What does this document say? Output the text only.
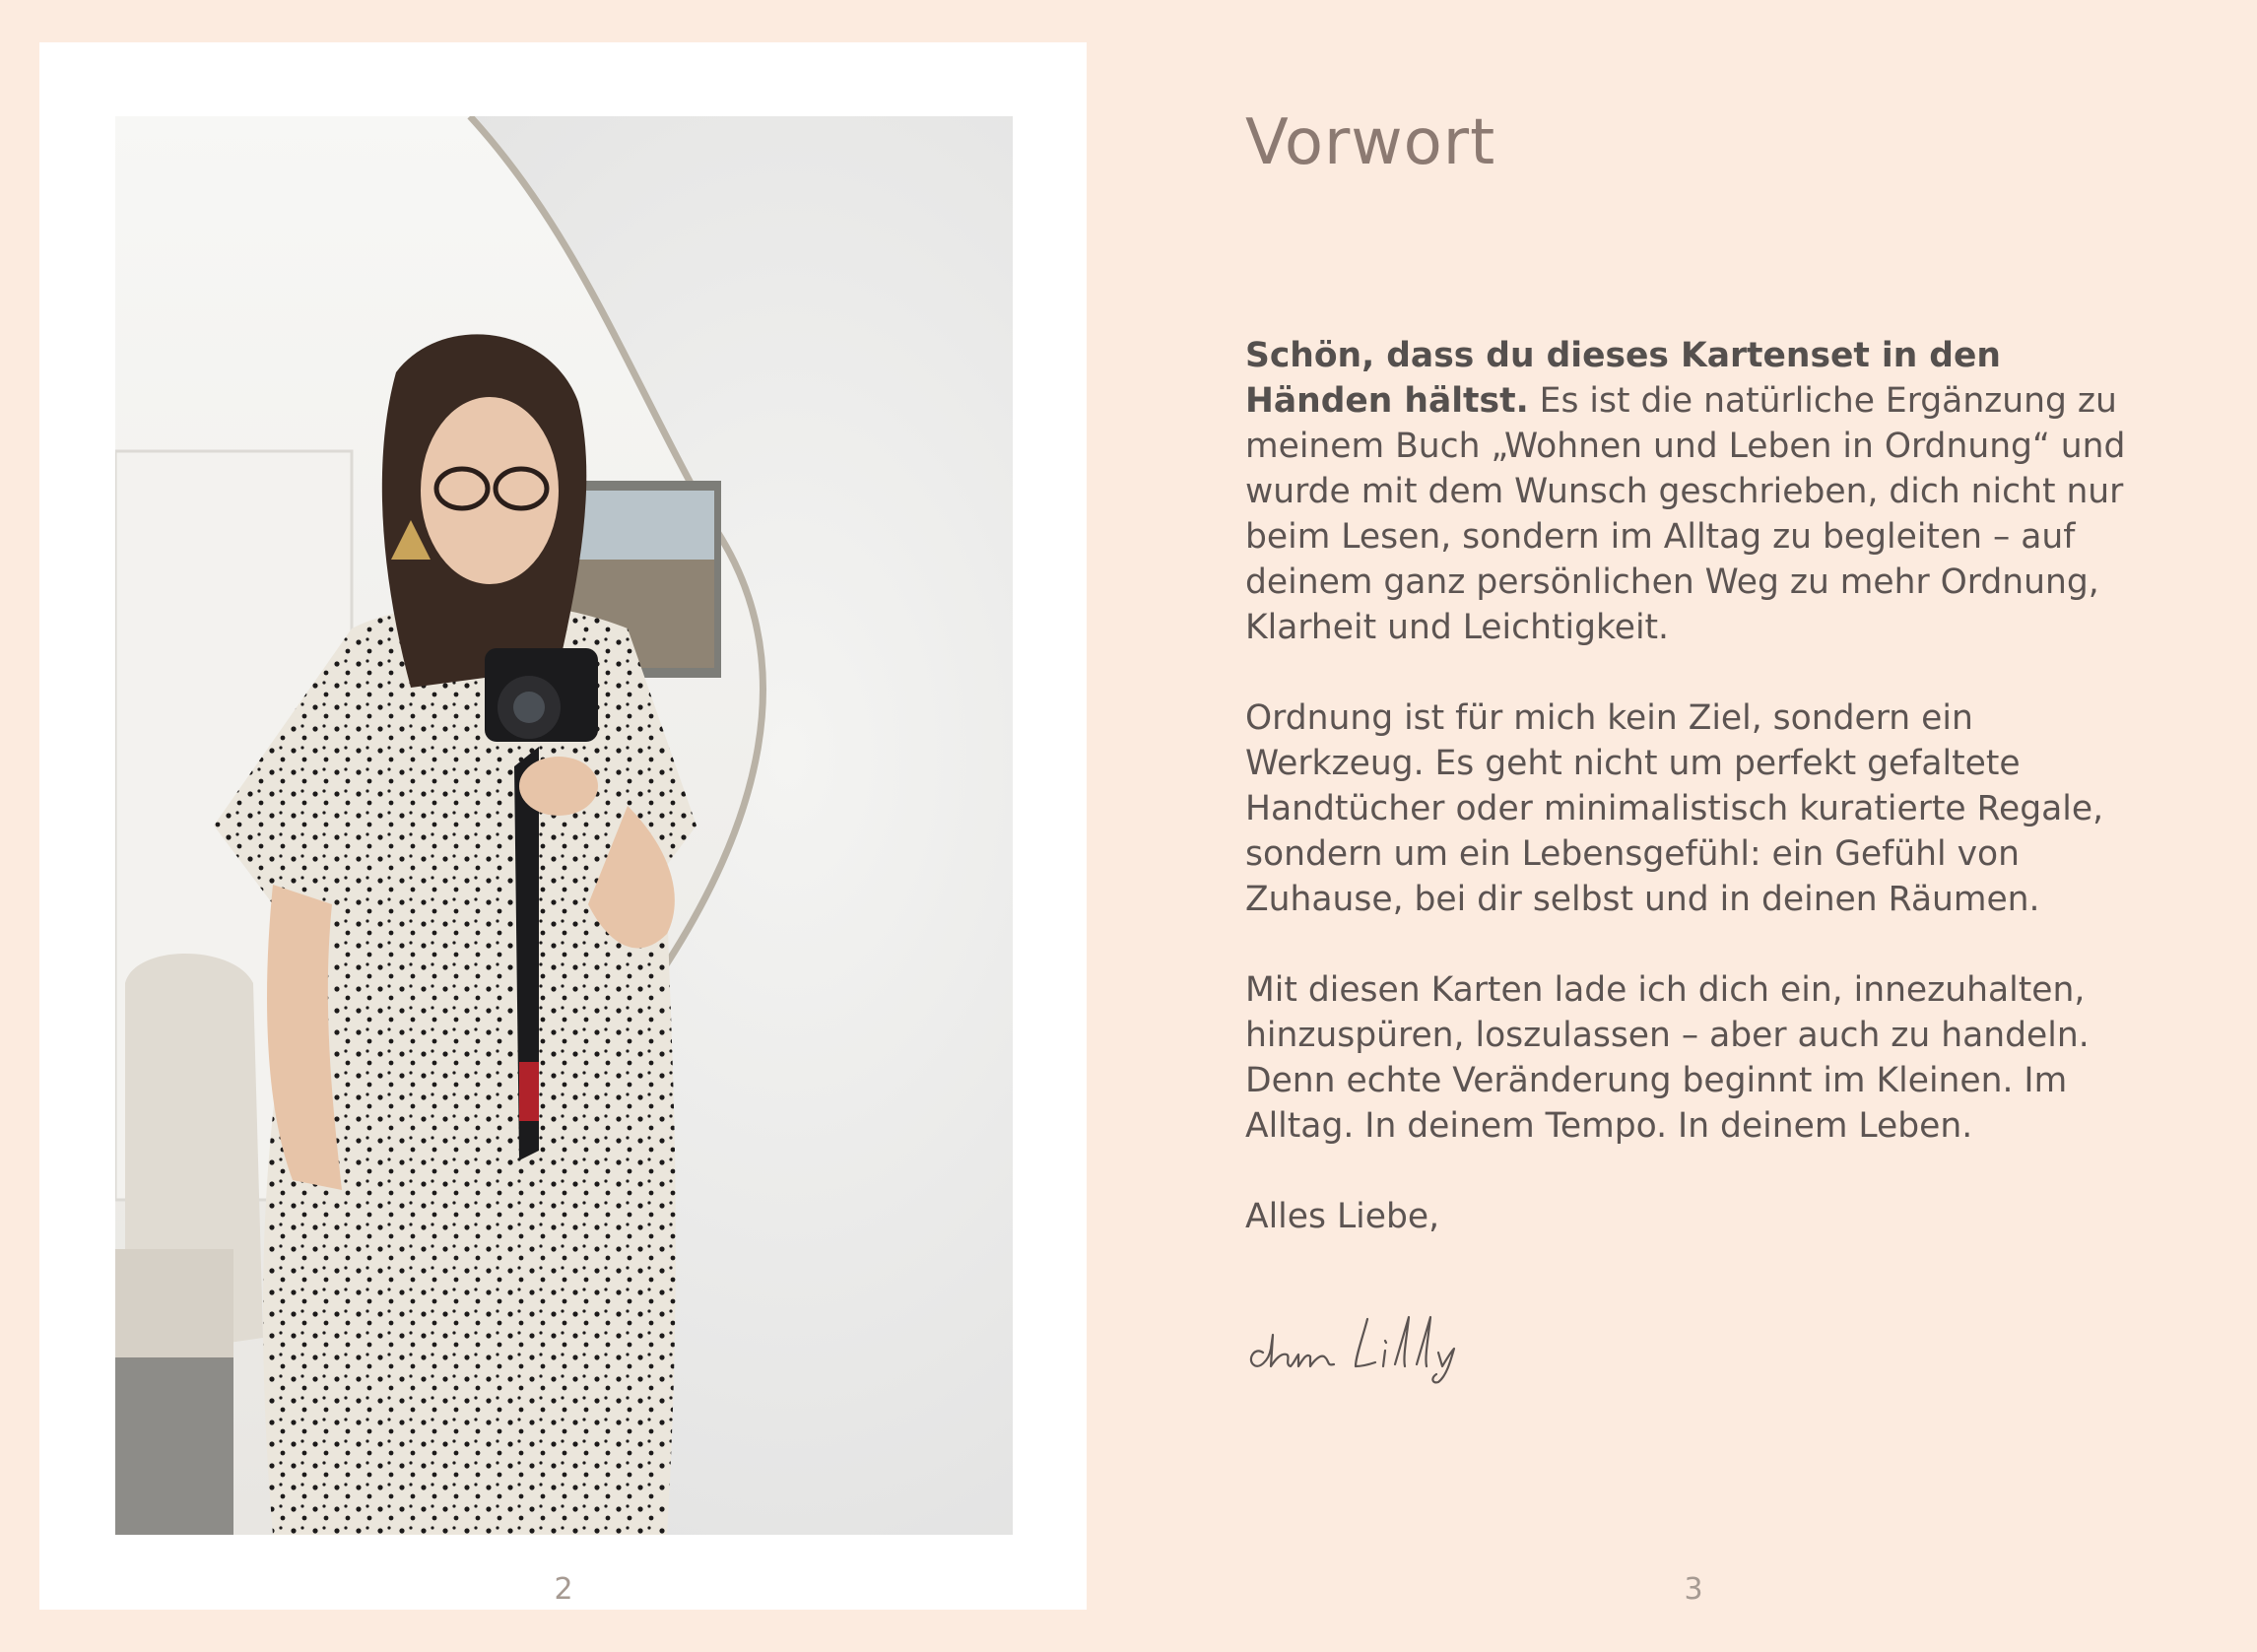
2
Vorwort

Schön, dass du dieses Kartenset in den Händen hältst. Es ist die natürliche Ergänzung zu meinem Buch „Wohnen und Leben in Ordnung“ und wurde mit dem Wunsch geschrieben, dich nicht nur beim Lesen, sondern im Alltag zu begleiten – auf deinem ganz persönlichen Weg zu mehr Ordnung, Klarheit und Leichtigkeit.

Ordnung ist für mich kein Ziel, sondern ein Werkzeug. Es geht nicht um perfekt gefaltete Handtücher oder minimalistisch kuratierte Regale, sondern um ein Lebensgefühl: ein Gefühl von Zuhause, bei dir selbst und in deinen Räumen.

Mit diesen Karten lade ich dich ein, innezuhalten, hinzuspüren, loszulassen – aber auch zu handeln. Denn echte Veränderung beginnt im Kleinen. Im Alltag. In deinem Tempo. In deinem Leben.

Alles Liebe,

3
